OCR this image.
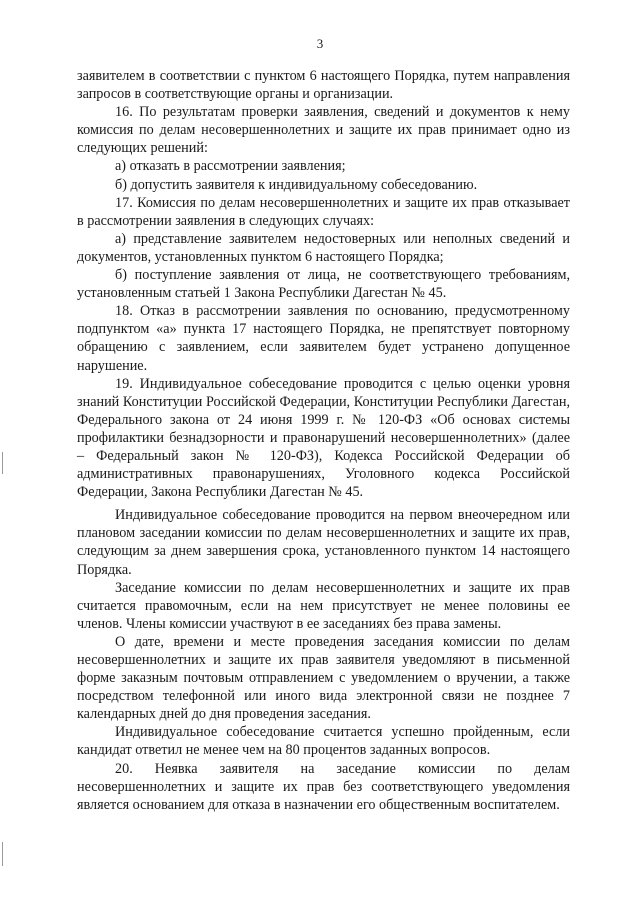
3

заявителем в соответствии с пунктом 6 настоящего Порядка, путем направления запросов в соответствующие органы и организации.

16. По результатам проверки заявления, сведений и документов к нему комиссия по делам несовершеннолетних и защите их прав принимает одно из следующих решений:

а) отказать в рассмотрении заявления;

б) допустить заявителя к индивидуальному собеседованию.

17. Комиссия по делам несовершеннолетних и защите их прав отказывает в рассмотрении заявления в следующих случаях:

а) представление заявителем недостоверных или неполных сведений и документов, установленных пунктом 6 настоящего Порядка;

б) поступление заявления от лица, не соответствующего требованиям, установленным статьей 1 Закона Республики Дагестан № 45.

18. Отказ в рассмотрении заявления по основанию, предусмотренному подпунктом «а» пункта 17 настоящего Порядка, не препятствует повторному обращению с заявлением, если заявителем будет устранено допущенное нарушение.

19. Индивидуальное собеседование проводится с целью оценки уровня знаний Конституции Российской Федерации, Конституции Республики Дагестан, Федерального закона от 24 июня 1999 г. № 120-ФЗ «Об основах системы профилактики безнадзорности и правонарушений несовершеннолетних» (далее – Федеральный закон № 120-ФЗ), Кодекса Российской Федерации об административных правонарушениях, Уголовного кодекса Российской Федерации, Закона Республики Дагестан № 45.

Индивидуальное собеседование проводится на первом внеочередном или плановом заседании комиссии по делам несовершеннолетних и защите их прав, следующим за днем завершения срока, установленного пунктом 14 настоящего Порядка.

Заседание комиссии по делам несовершеннолетних и защите их прав считается правомочным, если на нем присутствует не менее половины ее членов. Члены комиссии участвуют в ее заседаниях без права замены.

О дате, времени и месте проведения заседания комиссии по делам несовершеннолетних и защите их прав заявителя уведомляют в письменной форме заказным почтовым отправлением с уведомлением о вручении, а также посредством телефонной или иного вида электронной связи не позднее 7 календарных дней до дня проведения заседания.

Индивидуальное собеседование считается успешно пройденным, если кандидат ответил не менее чем на 80 процентов заданных вопросов.

20. Неявка заявителя на заседание комиссии по делам несовершеннолетних и защите их прав без соответствующего уведомления является основанием для отказа в назначении его общественным воспитателем.
